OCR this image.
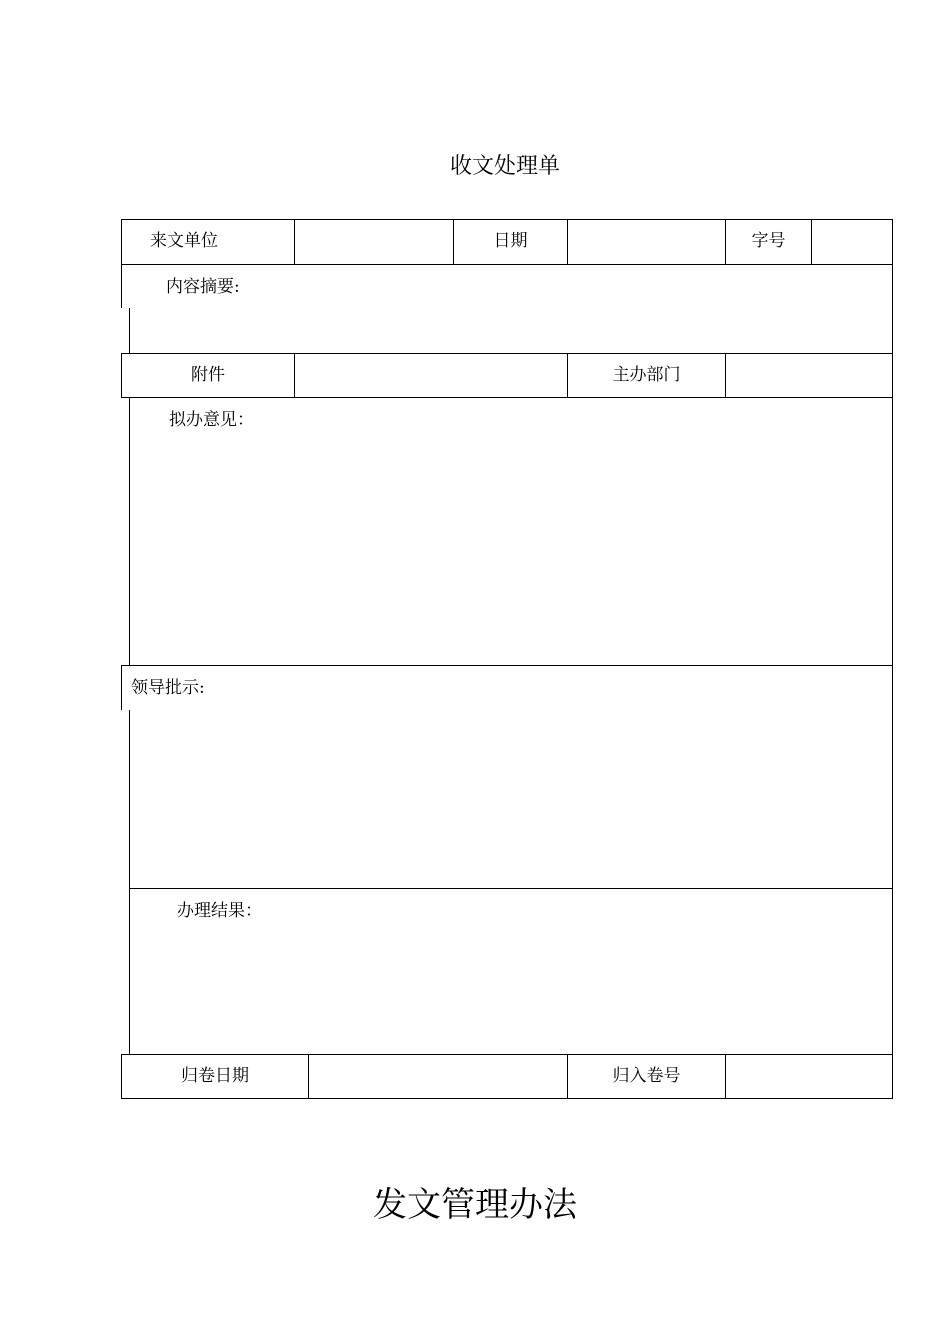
收文处理单
来文单位	日期	字号
内容摘要:
附件	主办部门
拟办意见：
领导批示:
办理结果：
归卷日期	归入卷号
发文管理办法
